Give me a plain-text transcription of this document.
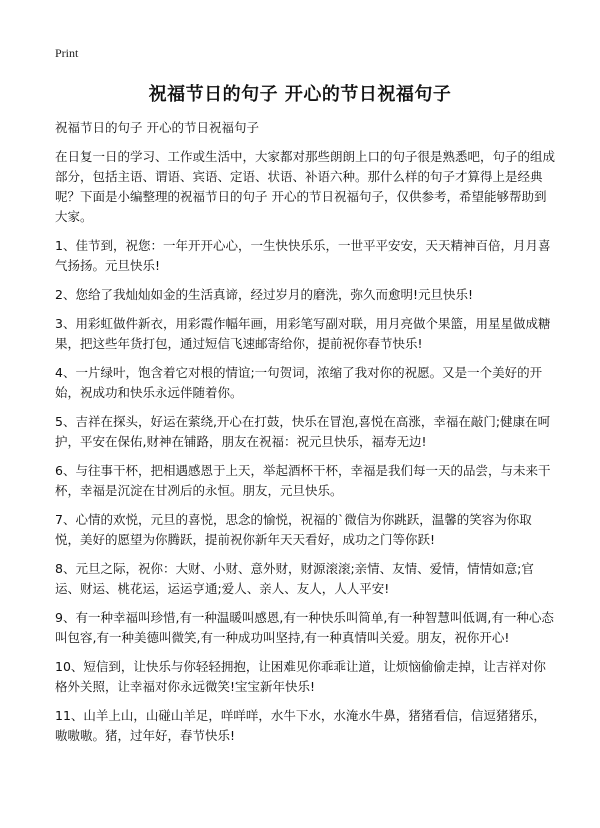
Print
祝福节日的句子 开心的节日祝福句子

祝福节日的句子 开心的节日祝福句子

在日复一日的学习、工作或生活中，大家都对那些朗朗上口的句子很是熟悉吧，句子的组成部分，包括主语、谓语、宾语、定语、状语、补语六种。那什么样的句子才算得上是经典呢？下面是小编整理的祝福节日的句子 开心的节日祝福句子，仅供参考，希望能够帮助到大家。

1、佳节到，祝您：一年开开心心，一生快快乐乐，一世平平安安，天天精神百倍，月月喜气扬扬。元旦快乐!

2、您给了我灿灿如金的生活真谛，经过岁月的磨洗，弥久而愈明!元旦快乐!

3、用彩虹做件新衣，用彩霞作幅年画，用彩笔写副对联，用月亮做个果篮，用星星做成糖果，把这些年货打包，通过短信飞速邮寄给你，提前祝你春节快乐!

4、一片绿叶，饱含着它对根的情谊;一句贺词，浓缩了我对你的祝愿。又是一个美好的开始，祝成功和快乐永远伴随着你。

5、吉祥在探头，好运在萦绕,开心在打鼓，快乐在冒泡,喜悦在高涨，幸福在敲门;健康在呵护，平安在保佑,财神在铺路，朋友在祝福：祝元旦快乐，福寿无边!

6、与往事干杯，把相遇感恩于上天，举起酒杯干杯，幸福是我们每一天的品尝，与未来干杯，幸福是沉淀在甘冽后的永恒。朋友，元旦快乐。

7、心情的欢悦，元旦的喜悦，思念的愉悦，祝福的`微信为你跳跃，温馨的笑容为你取悦，美好的愿望为你腾跃，提前祝你新年天天看好，成功之门等你跃!

8、元旦之际，祝你：大财、小财、意外财，财源滚滚;亲情、友情、爱情，情情如意;官运、财运、桃花运，运运亨通;爱人、亲人、友人，人人平安!

9、有一种幸福叫珍惜,有一种温暖叫感恩,有一种快乐叫简单,有一种智慧叫低调,有一种心态叫包容,有一种美德叫微笑,有一种成功叫坚持,有一种真情叫关爱。朋友，祝你开心!

10、短信到，让快乐与你轻轻拥抱，让困难见你乖乖让道，让烦恼偷偷走掉，让吉祥对你格外关照，让幸福对你永远微笑!宝宝新年快乐!

11、山羊上山，山碰山羊足，咩咩咩，水牛下水，水淹水牛鼻，猪猪看信，信逗猪猪乐，嗷嗷嗷。猪，过年好，春节快乐!
